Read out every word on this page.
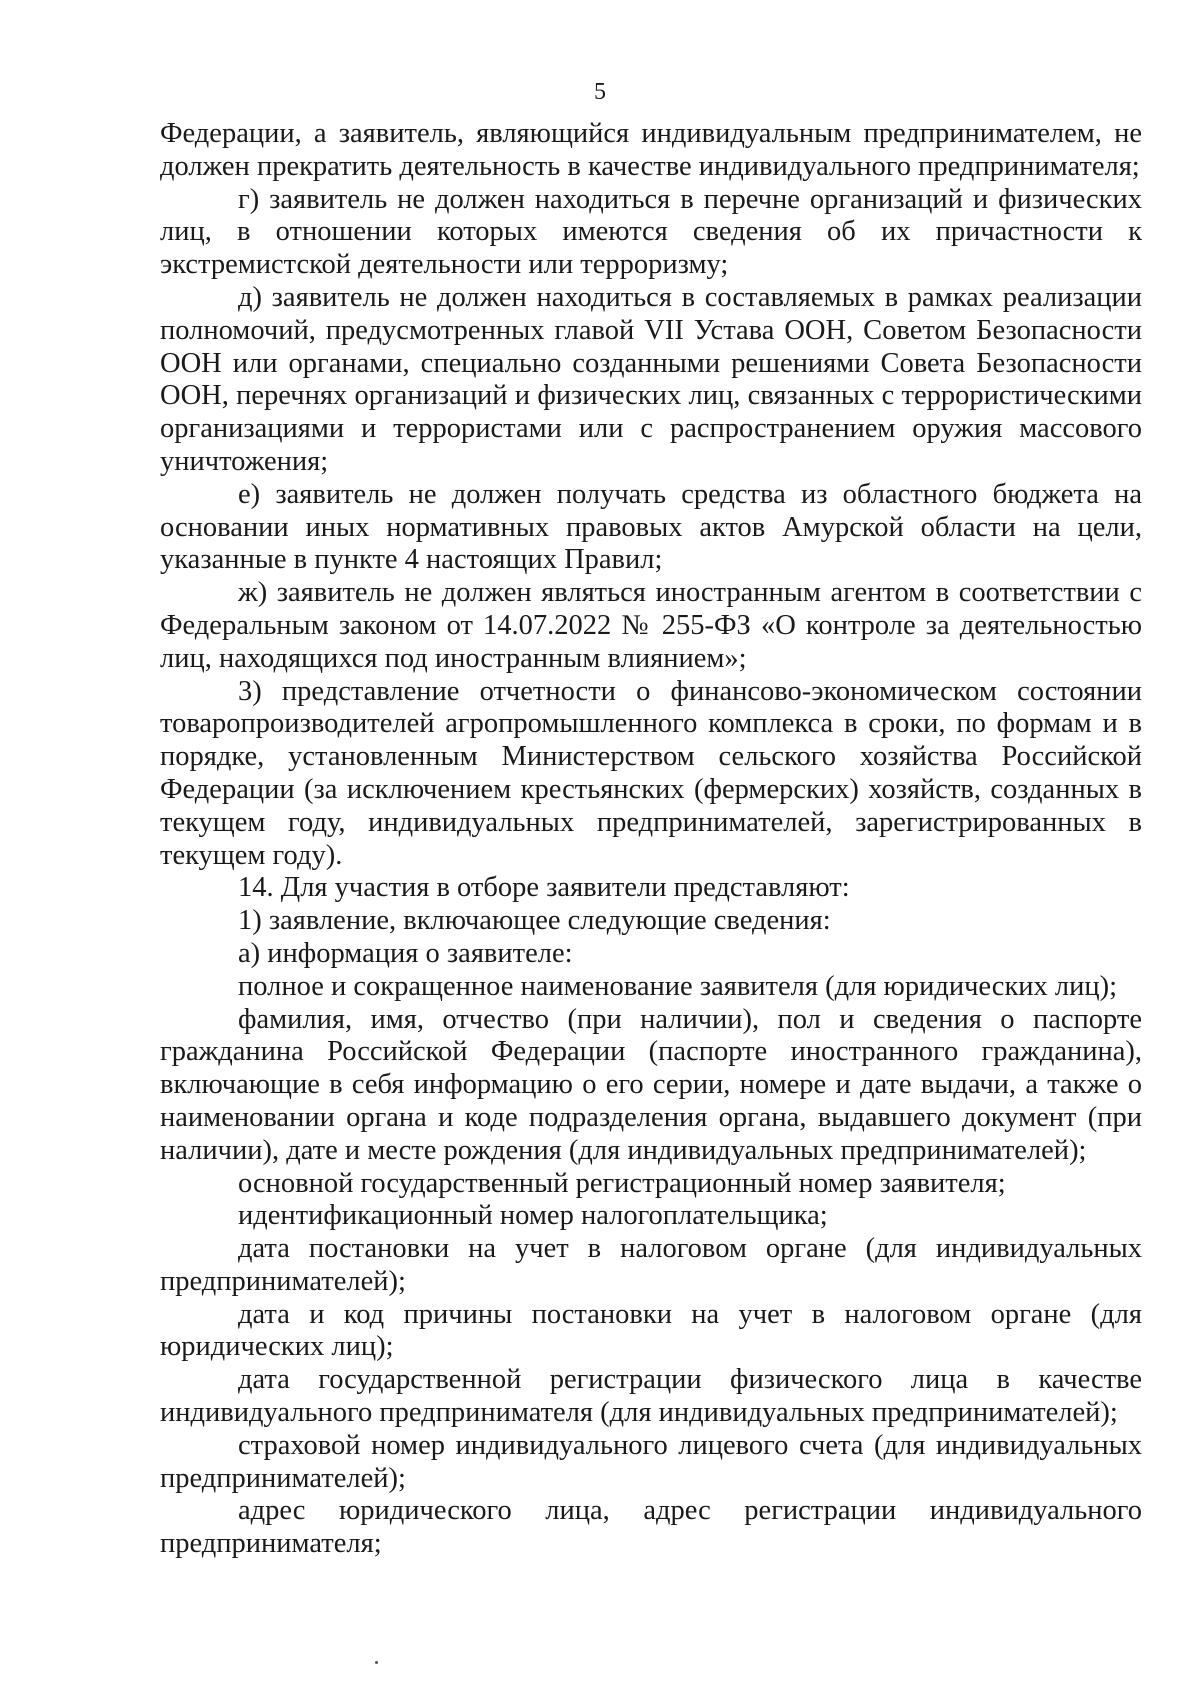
5

Федерации, а заявитель, являющийся индивидуальным предпринимателем, не должен прекратить деятельность в качестве индивидуального предпринимателя;

г) заявитель не должен находиться в перечне организаций и физических лиц, в отношении которых имеются сведения об их причастности к экстремистской деятельности или терроризму;

д) заявитель не должен находиться в составляемых в рамках реализации полномочий, предусмотренных главой VII Устава ООН, Советом Безопасности ООН или органами, специально созданными решениями Совета Безопасности ООН, перечнях организаций и физических лиц, связанных с террористическими организациями и террористами или с распространением оружия массового уничтожения;

е) заявитель не должен получать средства из областного бюджета на основании иных нормативных правовых актов Амурской области на цели, указанные в пункте 4 настоящих Правил;

ж) заявитель не должен являться иностранным агентом в соответствии с Федеральным законом от 14.07.2022 № 255-ФЗ «О контроле за деятельностью лиц, находящихся под иностранным влиянием»;

3) представление отчетности о финансово-экономическом состоянии товаропроизводителей агропромышленного комплекса в сроки, по формам и в порядке, установленным Министерством сельского хозяйства Российской Федерации (за исключением крестьянских (фермерских) хозяйств, созданных в текущем году, индивидуальных предпринимателей, зарегистрированных в текущем году).

14. Для участия в отборе заявители представляют:

1) заявление, включающее следующие сведения:

а) информация о заявителе:

полное и сокращенное наименование заявителя (для юридических лиц);

фамилия, имя, отчество (при наличии), пол и сведения о паспорте гражданина Российской Федерации (паспорте иностранного гражданина), включающие в себя информацию о его серии, номере и дате выдачи, а также о наименовании органа и коде подразделения органа, выдавшего документ (при наличии), дате и месте рождения (для индивидуальных предпринимателей);

основной государственный регистрационный номер заявителя;

идентификационный номер налогоплательщика;

дата постановки на учет в налоговом органе (для индивидуальных предпринимателей);

дата и код причины постановки на учет в налоговом органе (для юридических лиц);

дата государственной регистрации физического лица в качестве индивидуального предпринимателя (для индивидуальных предпринимателей);

страховой номер индивидуального лицевого счета (для индивидуальных предпринимателей);

адрес юридического лица, адрес регистрации индивидуального предпринимателя;
